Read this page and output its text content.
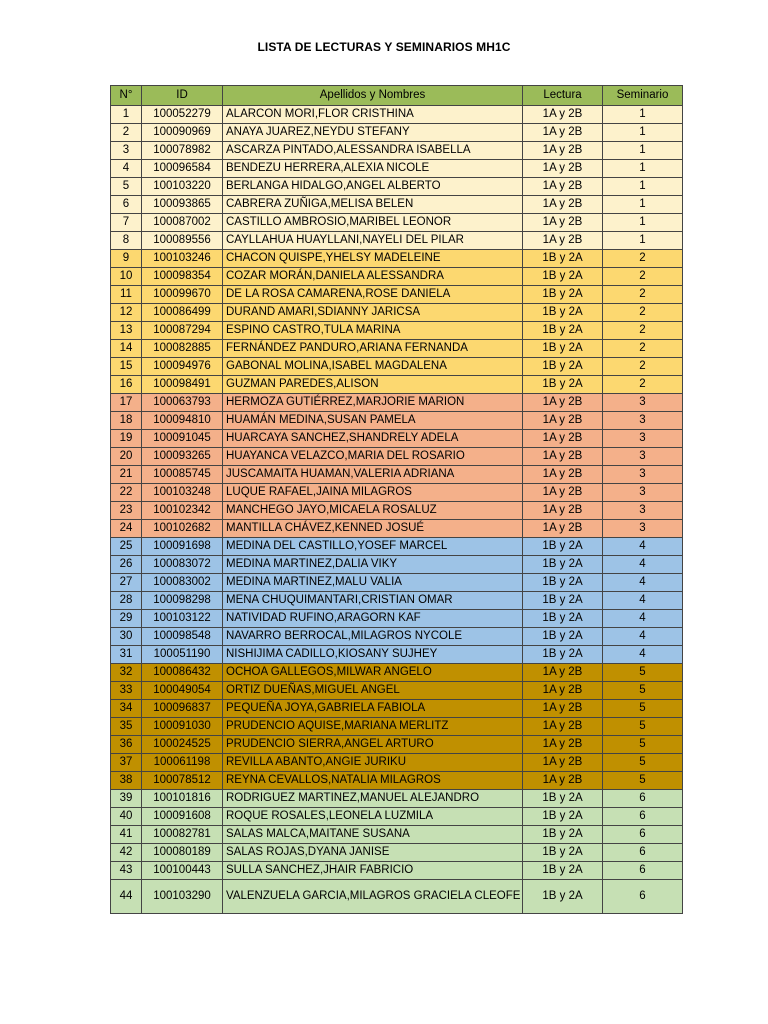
LISTA DE LECTURAS Y SEMINARIOS MH1C
N°	ID	Apellidos y Nombres	Lectura	Seminario
1	100052279	ALARCON MORI,FLOR CRISTHINA	1A y 2B	1
2	100090969	ANAYA JUAREZ,NEYDU STEFANY	1A y 2B	1
3	100078982	ASCARZA PINTADO,ALESSANDRA ISABELLA	1A y 2B	1
4	100096584	BENDEZU HERRERA,ALEXIA NICOLE	1A y 2B	1
5	100103220	BERLANGA HIDALGO,ANGEL ALBERTO	1A y 2B	1
6	100093865	CABRERA ZUÑIGA,MELISA BELEN	1A y 2B	1
7	100087002	CASTILLO AMBROSIO,MARIBEL LEONOR	1A y 2B	1
8	100089556	CAYLLAHUA HUAYLLANI,NAYELI DEL PILAR	1A y 2B	1
9	100103246	CHACON QUISPE,YHELSY MADELEINE	1B y 2A	2
10	100098354	COZAR MORÁN,DANIELA ALESSANDRA	1B y 2A	2
11	100099670	DE LA ROSA CAMARENA,ROSE DANIELA	1B y 2A	2
12	100086499	DURAND AMARI,SDIANNY JARICSA	1B y 2A	2
13	100087294	ESPINO CASTRO,TULA MARINA	1B y 2A	2
14	100082885	FERNÁNDEZ PANDURO,ARIANA FERNANDA	1B y 2A	2
15	100094976	GABONAL MOLINA,ISABEL MAGDALENA	1B y 2A	2
16	100098491	GUZMAN PAREDES,ALISON	1B y 2A	2
17	100063793	HERMOZA GUTIÉRREZ,MARJORIE MARION	1A y 2B	3
18	100094810	HUAMÁN MEDINA,SUSAN PAMELA	1A y 2B	3
19	100091045	HUARCAYA SANCHEZ,SHANDRELY ADELA	1A y 2B	3
20	100093265	HUAYANCA VELAZCO,MARIA DEL ROSARIO	1A y 2B	3
21	100085745	JUSCAMAITA HUAMAN,VALERIA ADRIANA	1A y 2B	3
22	100103248	LUQUE RAFAEL,JAINA MILAGROS	1A y 2B	3
23	100102342	MANCHEGO JAYO,MICAELA ROSALUZ	1A y 2B	3
24	100102682	MANTILLA CHÁVEZ,KENNED JOSUÉ	1A y 2B	3
25	100091698	MEDINA DEL CASTILLO,YOSEF MARCEL	1B y 2A	4
26	100083072	MEDINA MARTINEZ,DALIA VIKY	1B y 2A	4
27	100083002	MEDINA MARTINEZ,MALU VALIA	1B y 2A	4
28	100098298	MENA CHUQUIMANTARI,CRISTIAN OMAR	1B y 2A	4
29	100103122	NATIVIDAD RUFINO,ARAGORN KAF	1B y 2A	4
30	100098548	NAVARRO BERROCAL,MILAGROS NYCOLE	1B y 2A	4
31	100051190	NISHIJIMA CADILLO,KIOSANY SUJHEY	1B y 2A	4
32	100086432	OCHOA GALLEGOS,MILWAR ANGELO	1A y 2B	5
33	100049054	ORTIZ DUEÑAS,MIGUEL ANGEL	1A y 2B	5
34	100096837	PEQUEÑA JOYA,GABRIELA FABIOLA	1A y 2B	5
35	100091030	PRUDENCIO AQUISE,MARIANA MERLITZ	1A y 2B	5
36	100024525	PRUDENCIO SIERRA,ANGEL ARTURO	1A y 2B	5
37	100061198	REVILLA ABANTO,ANGIE JURIKU	1A y 2B	5
38	100078512	REYNA CEVALLOS,NATALIA MILAGROS	1A y 2B	5
39	100101816	RODRIGUEZ MARTINEZ,MANUEL ALEJANDRO	1B y 2A	6
40	100091608	ROQUE ROSALES,LEONELA LUZMILA	1B y 2A	6
41	100082781	SALAS MALCA,MAITANE SUSANA	1B y 2A	6
42	100080189	SALAS ROJAS,DYANA JANISE	1B y 2A	6
43	100100443	SULLA SANCHEZ,JHAIR FABRICIO	1B y 2A	6
44	100103290	VALENZUELA GARCIA,MILAGROS GRACIELA CLEOFE	1B y 2A	6
